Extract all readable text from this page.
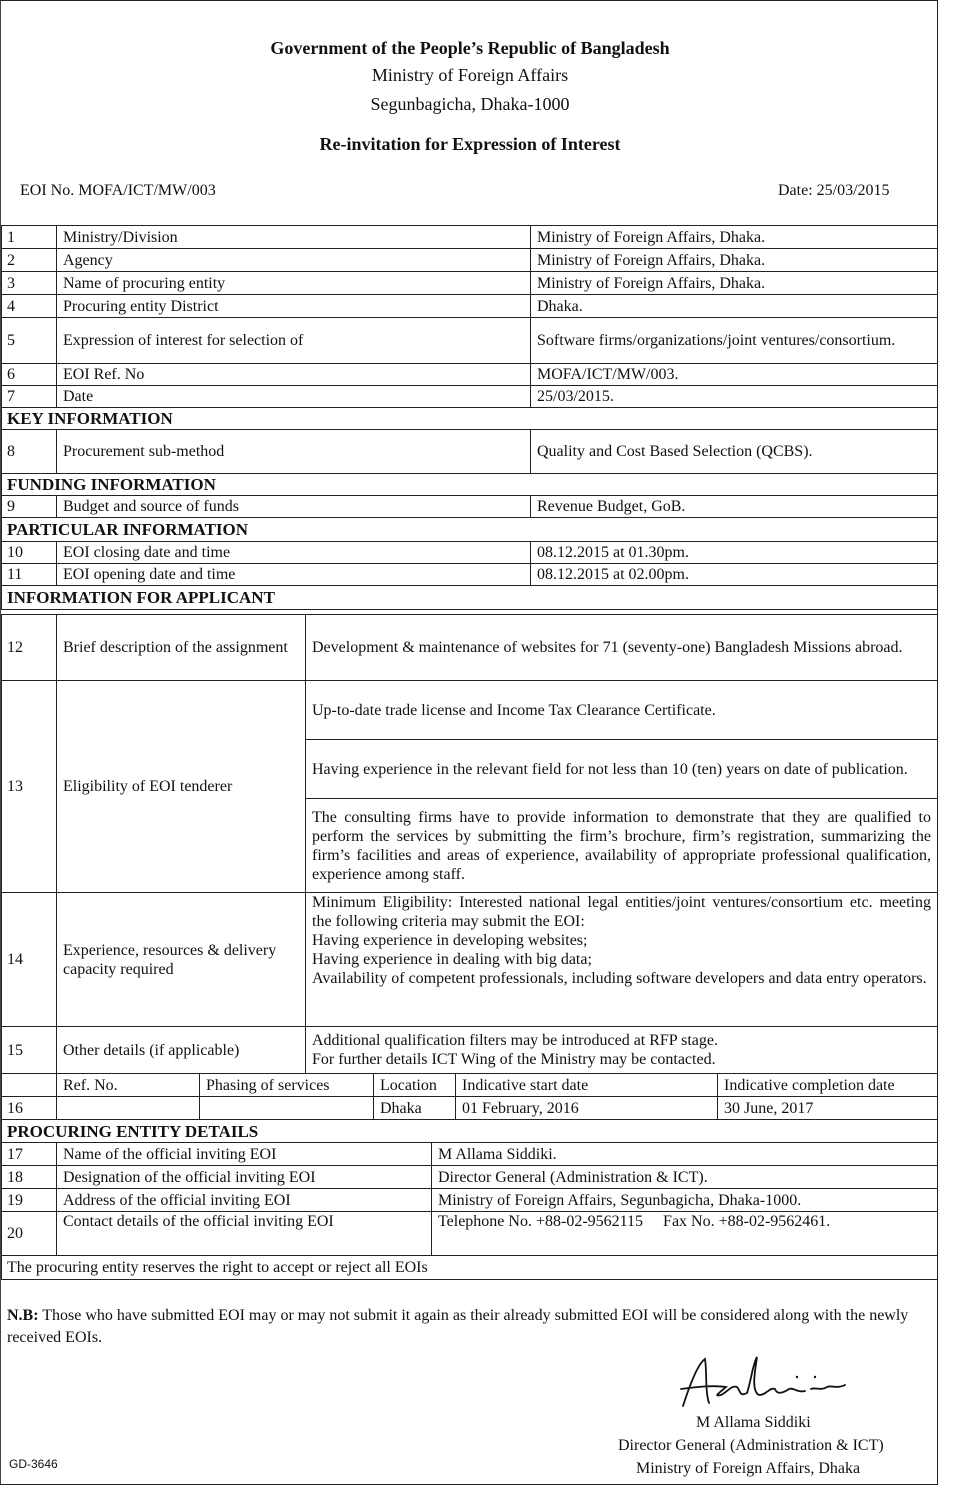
Government of the People’s Republic of Bangladesh
Ministry of Foreign Affairs
Segunbagicha, Dhaka-1000
Re-invitation for Expression of Interest
EOI No. MOFA/ICT/MW/003	Date: 25/03/2015
1	Ministry/Division	Ministry of Foreign Affairs, Dhaka.
2	Agency	Ministry of Foreign Affairs, Dhaka.
3	Name of procuring entity	Ministry of Foreign Affairs, Dhaka.
4	Procuring entity District	Dhaka.
5	Expression of interest for selection of	Software firms/organizations/joint ventures/consortium.
6	EOI Ref. No	MOFA/ICT/MW/003.
7	Date	25/03/2015.
KEY INFORMATION		
8	Procurement sub-method	Quality and Cost Based Selection (QCBS).
FUNDING INFORMATION		
9	Budget and source of funds	Revenue Budget, GoB.
PARTICULAR INFORMATION		
10	EOI closing date and time	08.12.2015 at 01.30pm.
11	EOI opening date and time	08.12.2015 at 02.00pm.
INFORMATION FOR APPLICANT		
12	Brief description of the assignment	Development & maintenance of websites for 71 (seventy-one) Bangladesh Missions abroad.
13	Eligibility of EOI tenderer	Up-to-date trade license and Income Tax Clearance Certificate.
		Having experience in the relevant field for not less than 10 (ten) years on date of publication.
		The consulting firms have to provide information to demonstrate that they are qualified to perform the services by submitting the firm’s brochure, firm’s registration, summarizing the firm’s facilities and areas of experience, availability of appropriate professional qualification, experience among staff.
14	Experience, resources & delivery capacity required	Minimum Eligibility: Interested national legal entities/joint ventures/consortium etc. meeting the following criteria may submit the EOI:
Having experience in developing websites;
Having experience in dealing with big data;
Availability of competent professionals, including software developers and data entry operators.

15	Other details (if applicable)	Additional qualification filters may be introduced at RFP stage.
For further details ICT Wing of the Ministry may be contacted.
	Ref. No.	Phasing of services	Location	Indicative start date	Indicative completion date
16			Dhaka	01 February, 2016	30 June, 2017
PROCURING ENTITY DETAILS		
17	Name of the official inviting EOI	M Allama Siddiki.
18	Designation of the official inviting EOI	Director General (Administration & ICT).
19	Address of the official inviting EOI	Ministry of Foreign Affairs, Segunbagicha, Dhaka-1000.
20	Contact details of the official inviting EOI	Telephone No. +88-02-9562115     Fax No. +88-02-9562461.
The procuring entity reserves the right to accept or reject all EOIs		
N.B: Those who have submitted EOI may or may not submit it again as their already submitted EOI will be considered along with the newly received EOIs.
M Allama Siddiki
Director General (Administration & ICT)
Ministry of Foreign Affairs, Dhaka
GD-3646
